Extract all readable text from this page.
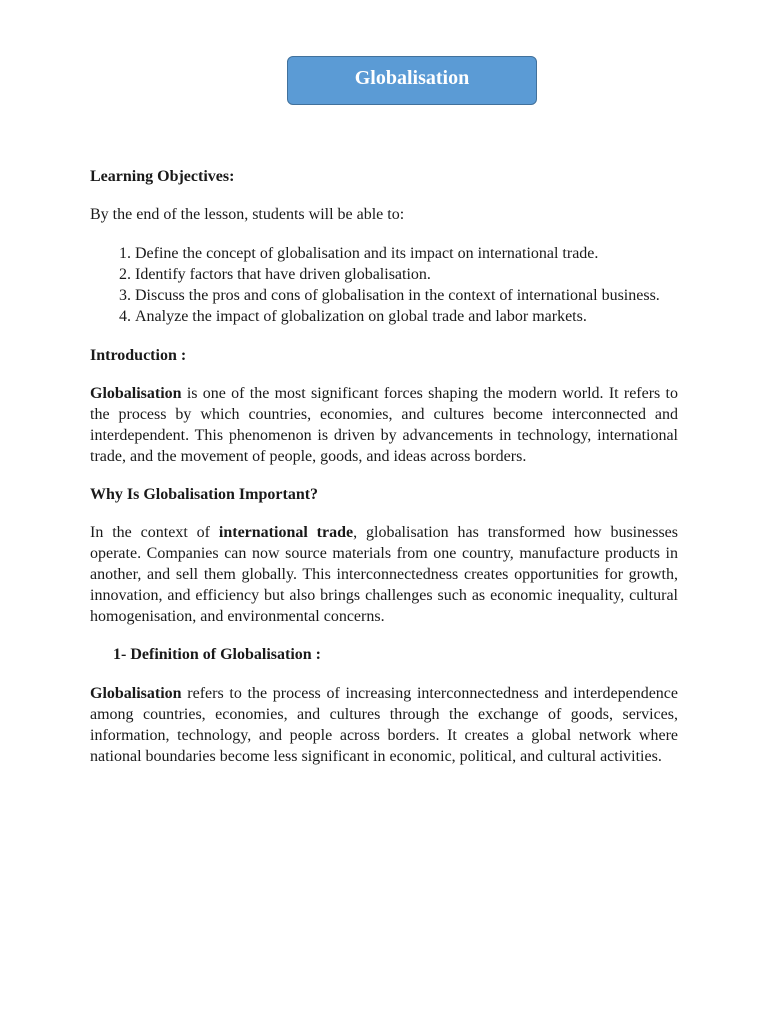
Globalisation

Learning Objectives:

By the end of the lesson, students will be able to:

1. Define the concept of globalisation and its impact on international trade.
2. Identify factors that have driven globalisation.
3. Discuss the pros and cons of globalisation in the context of international business.
4. Analyze the impact of globalization on global trade and labor markets.

Introduction :

Globalisation is one of the most significant forces shaping the modern world. It refers to the process by which countries, economies, and cultures become interconnected and interdependent. This phenomenon is driven by advancements in technology, international trade, and the movement of people, goods, and ideas across borders.

Why Is Globalisation Important?

In the context of international trade, globalisation has transformed how businesses operate. Companies can now source materials from one country, manufacture products in another, and sell them globally. This interconnectedness creates opportunities for growth, innovation, and efficiency but also brings challenges such as economic inequality, cultural homogenisation, and environmental concerns.

1- Definition of Globalisation :

Globalisation refers to the process of increasing interconnectedness and interdependence among countries, economies, and cultures through the exchange of goods, services, information, technology, and people across borders. It creates a global network where national boundaries become less significant in economic, political, and cultural activities.
